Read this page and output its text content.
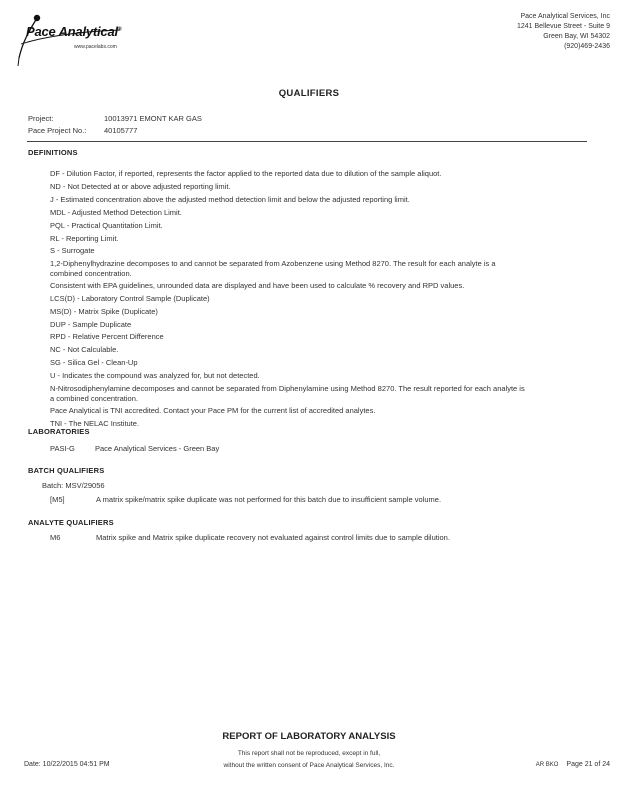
Pace Analytical®
www.pacelabs.com
Pace Analytical Services, Inc
1241 Bellevue Street - Suite 9
Green Bay, WI 54302
(920)469-2436
QUALIFIERS
Project:	10013971 EMONT KAR GAS
Pace Project No.: 40105777
DEFINITIONS
DF - Dilution Factor, if reported, represents the factor applied to the reported data due to dilution of the sample aliquot.
ND - Not Detected at or above adjusted reporting limit.
J - Estimated concentration above the adjusted method detection limit and below the adjusted reporting limit.
MDL - Adjusted Method Detection Limit.
PQL - Practical Quantitation Limit.
RL - Reporting Limit.
S - Surrogate
1,2-Diphenylhydrazine decomposes to and cannot be separated from Azobenzene using Method 8270. The result for each analyte is a combined concentration.
Consistent with EPA guidelines, unrounded data are displayed and have been used to calculate % recovery and RPD values.
LCS(D) - Laboratory Control Sample (Duplicate)
MS(D) - Matrix Spike (Duplicate)
DUP - Sample Duplicate
RPD - Relative Percent Difference
NC - Not Calculable.
SG - Silica Gel - Clean-Up
U - Indicates the compound was analyzed for, but not detected.
N-Nitrosodiphenylamine decomposes and cannot be separated from Diphenylamine using Method 8270. The result reported for each analyte is a combined concentration.
Pace Analytical is TNI accredited. Contact your Pace PM for the current list of accredited analytes.
TNI - The NELAC Institute.
LABORATORIES
PASI-G	Pace Analytical Services - Green Bay
BATCH QUALIFIERS
Batch: MSV/29056
[M5]	A matrix spike/matrix spike duplicate was not performed for this batch due to insufficient sample volume.
ANALYTE QUALIFIERS
M6	Matrix spike and Matrix spike duplicate recovery not evaluated against control limits due to sample dilution.
REPORT OF LABORATORY ANALYSIS
This report shall not be reproduced, except in full,
without the written consent of Pace Analytical Services, Inc.
Date: 10/22/2015 04:51 PM	AR BKO Page 21 of 24
